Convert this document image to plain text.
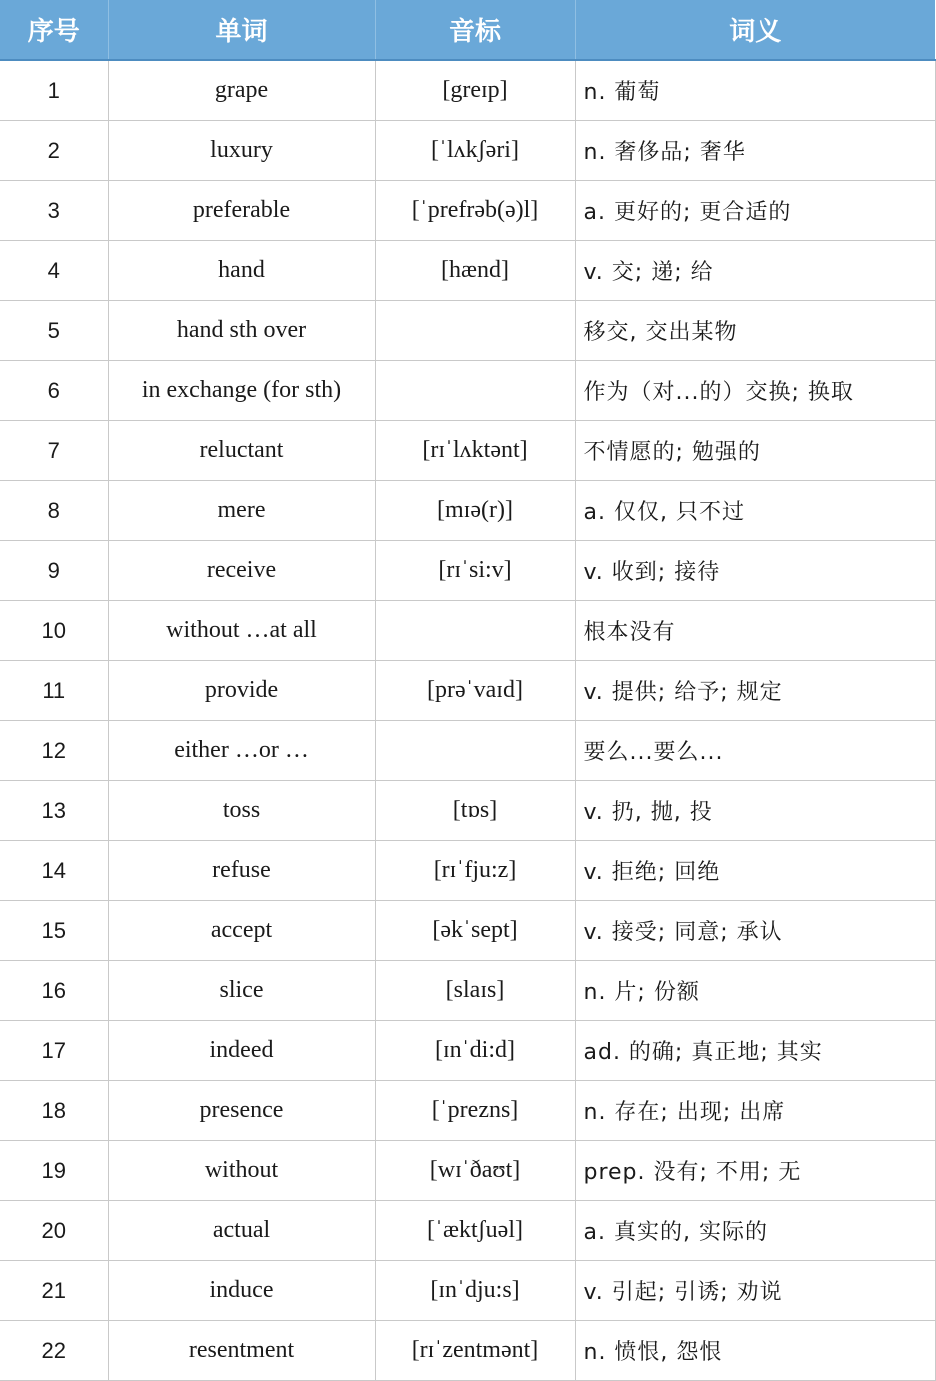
序号	单词	音标	词义
1	grape	[greɪp]	n. 葡萄
2	luxury	[ˈlʌkʃəri]	n. 奢侈品; 奢华
3	preferable	[ˈprefrəb(ə)l]	a. 更好的; 更合适的
4	hand	[hænd]	v. 交; 递; 给
5	hand sth over		移交, 交出某物
6	in exchange (for sth)		作为（对...的）交换; 换取
7	reluctant	[rɪˈlʌktənt]	不情愿的; 勉强的
8	mere	[mɪə(r)]	a. 仅仅, 只不过
9	receive	[rɪˈsi:v]	v. 收到; 接待
10	without …at all		根本没有
11	provide	[prəˈvaɪd]	v. 提供; 给予; 规定
12	either …or …		要么...要么...
13	toss	[tɒs]	v. 扔, 抛, 投
14	refuse	[rɪˈfju:z]	v. 拒绝; 回绝
15	accept	[əkˈsept]	v. 接受; 同意; 承认
16	slice	[slaɪs]	n. 片; 份额
17	indeed	[ɪnˈdi:d]	ad. 的确; 真正地; 其实
18	presence	[ˈprezns]	n. 存在; 出现; 出席
19	without	[wɪˈðaʊt]	prep. 没有; 不用; 无
20	actual	[ˈæktʃuəl]	a. 真实的, 实际的
21	induce	[ɪnˈdju:s]	v. 引起; 引诱; 劝说
22	resentment	[rɪˈzentmənt]	n. 愤恨, 怨恨
